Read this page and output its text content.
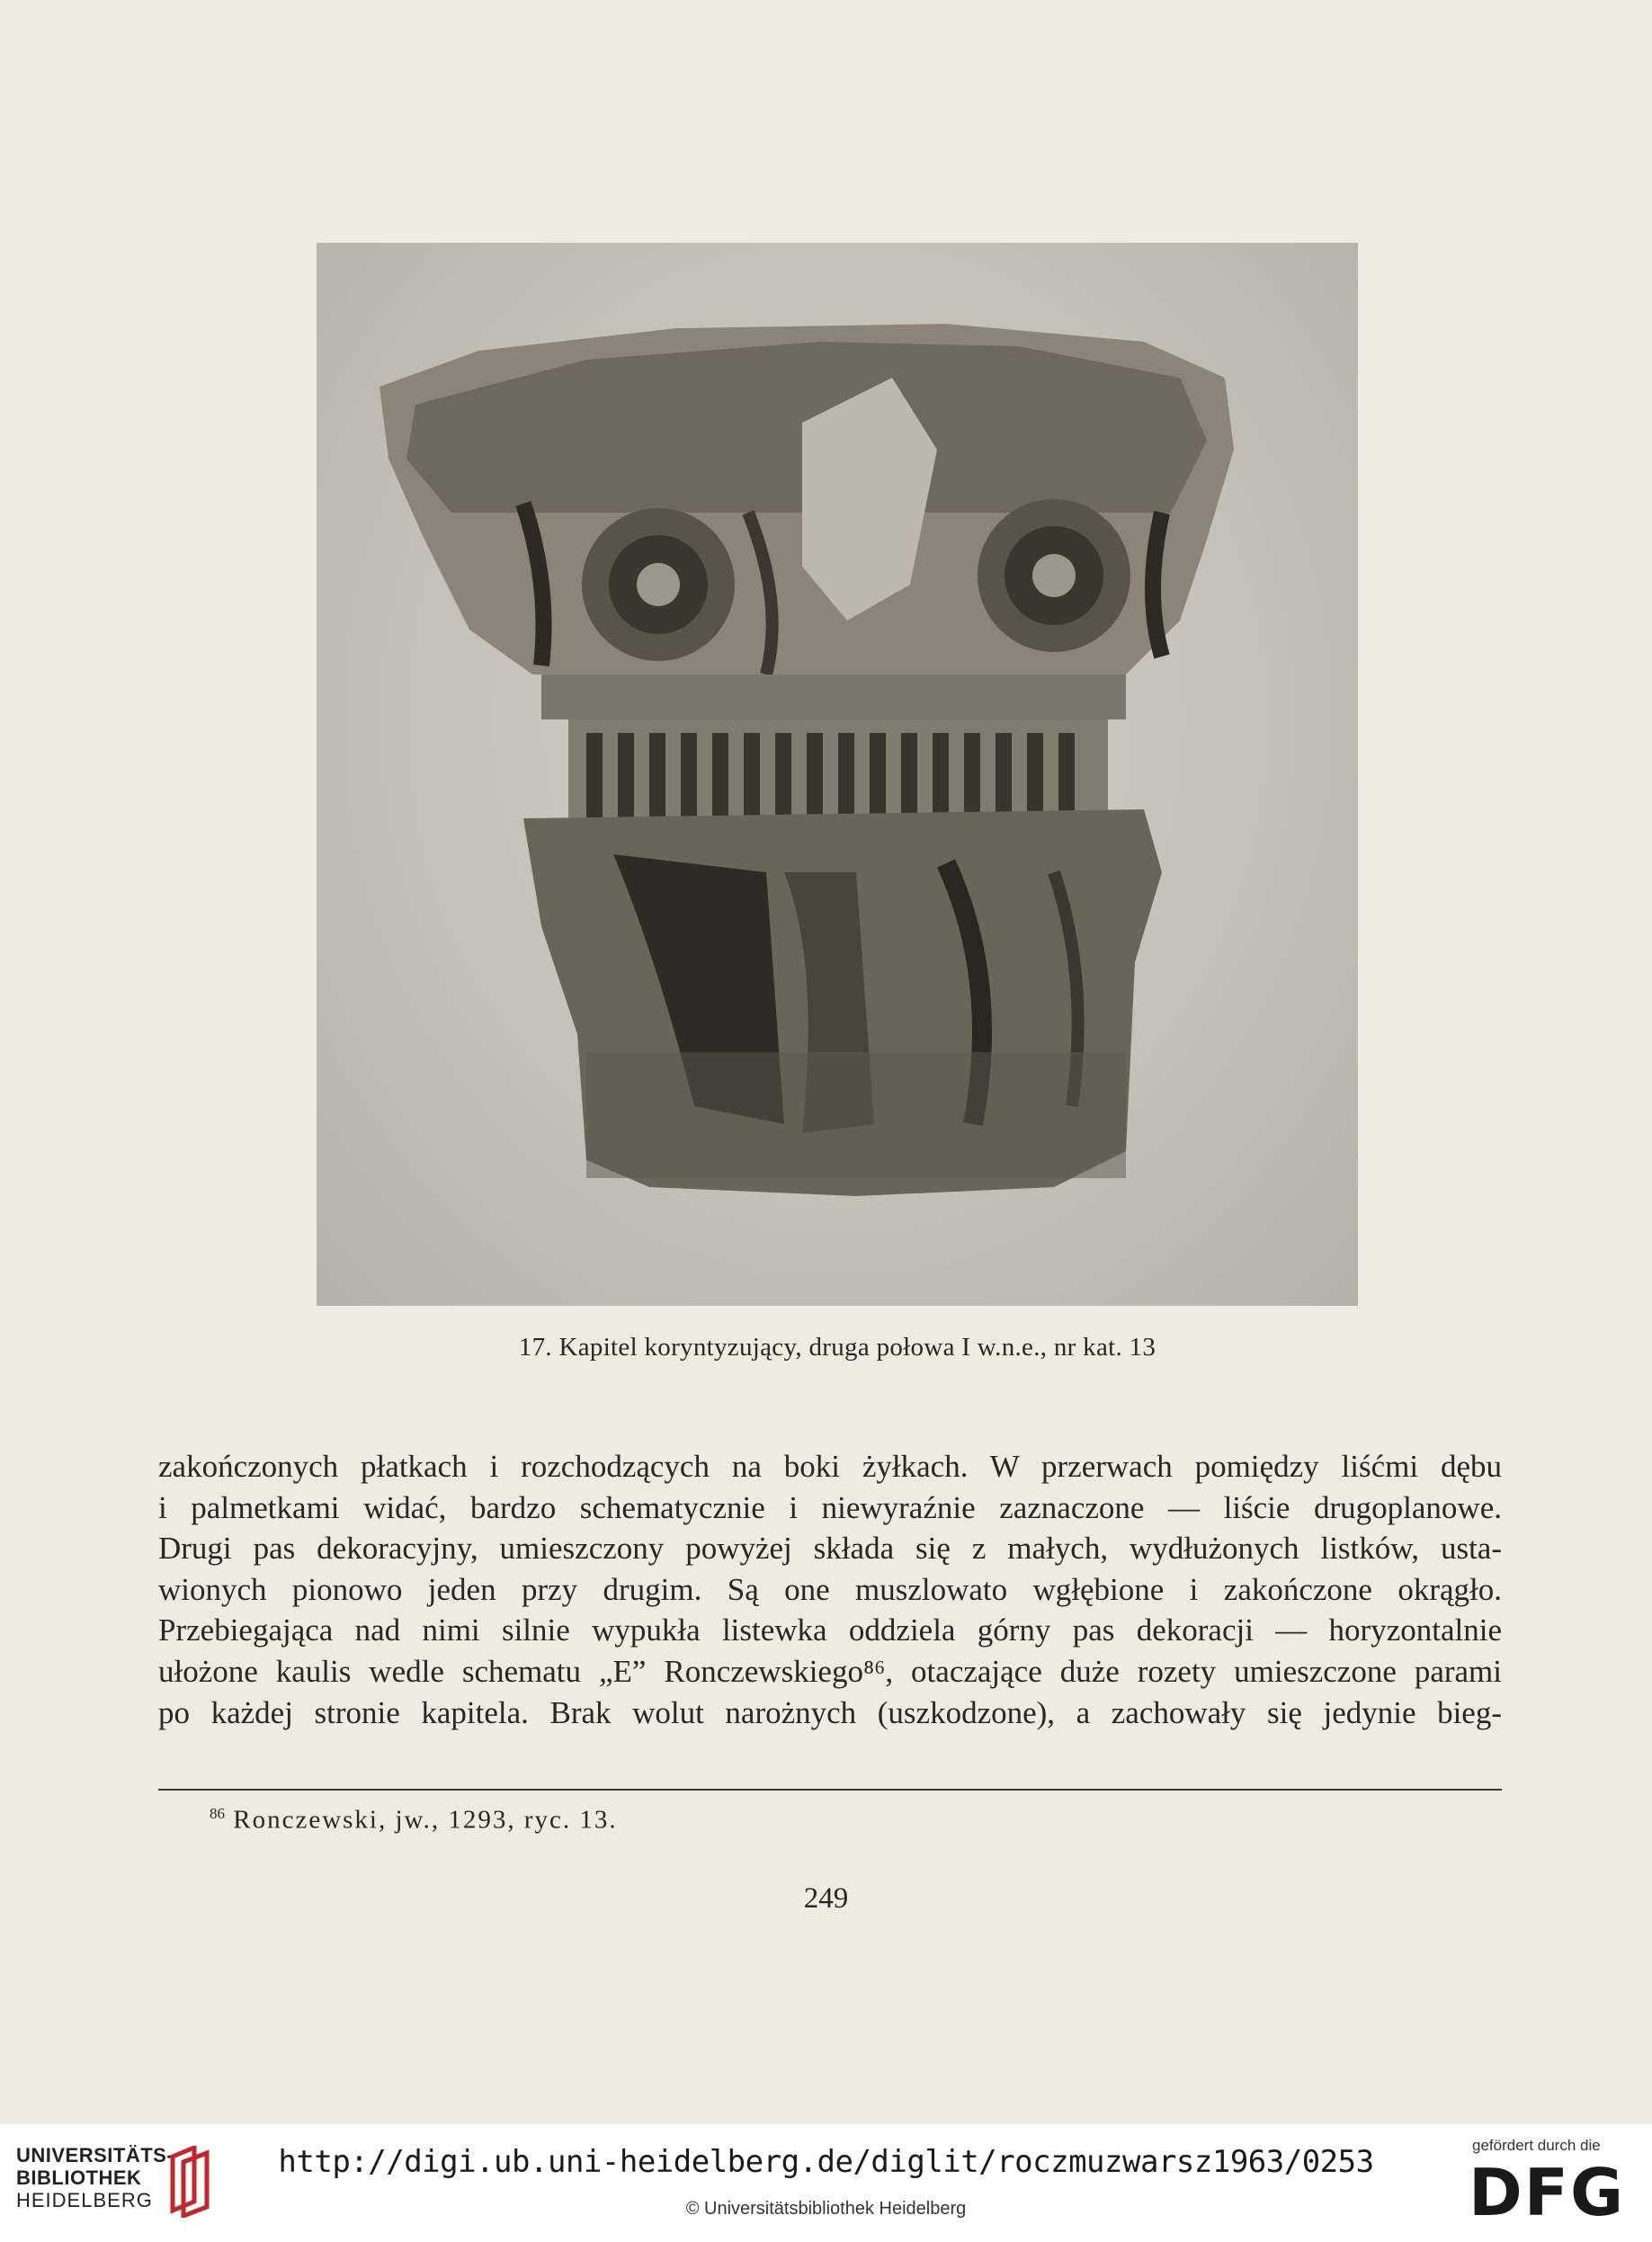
17. Kapitel koryntyzujący, druga połowa I w.n.e., nr kat. 13
zakończonych płatkach i rozchodzących na boki żyłkach. W przerwach pomiędzy liśćmi dębu
i palmetkami widać, bardzo schematycznie i niewyraźnie zaznaczone — liście drugoplanowe.
Drugi pas dekoracyjny, umieszczony powyżej składa się z małych, wydłużonych listków, usta-
wionych pionowo jeden przy drugim. Są one muszlowato wgłębione i zakończone okrągło.
Przebiegająca nad nimi silnie wypukła listewka oddziela górny pas dekoracji — horyzontalnie
ułożone kaulis wedle schematu „E” Ronczewskiego⁸⁶, otaczające duże rozety umieszczone parami
po każdej stronie kapitela. Brak wolut narożnych (uszkodzone), a zachowały się jedynie bieg-
$^{86}$ Ronczewski, jw., 1293, ryc. 13.
249
UNIVERSITÄTS-
BIBLIOTHEK
HEIDELBERG
http://digi.ub.uni-heidelberg.de/diglit/roczmuzwarsz1963/0253
© Universitätsbibliothek Heidelberg
gefördert durch die
DFG
